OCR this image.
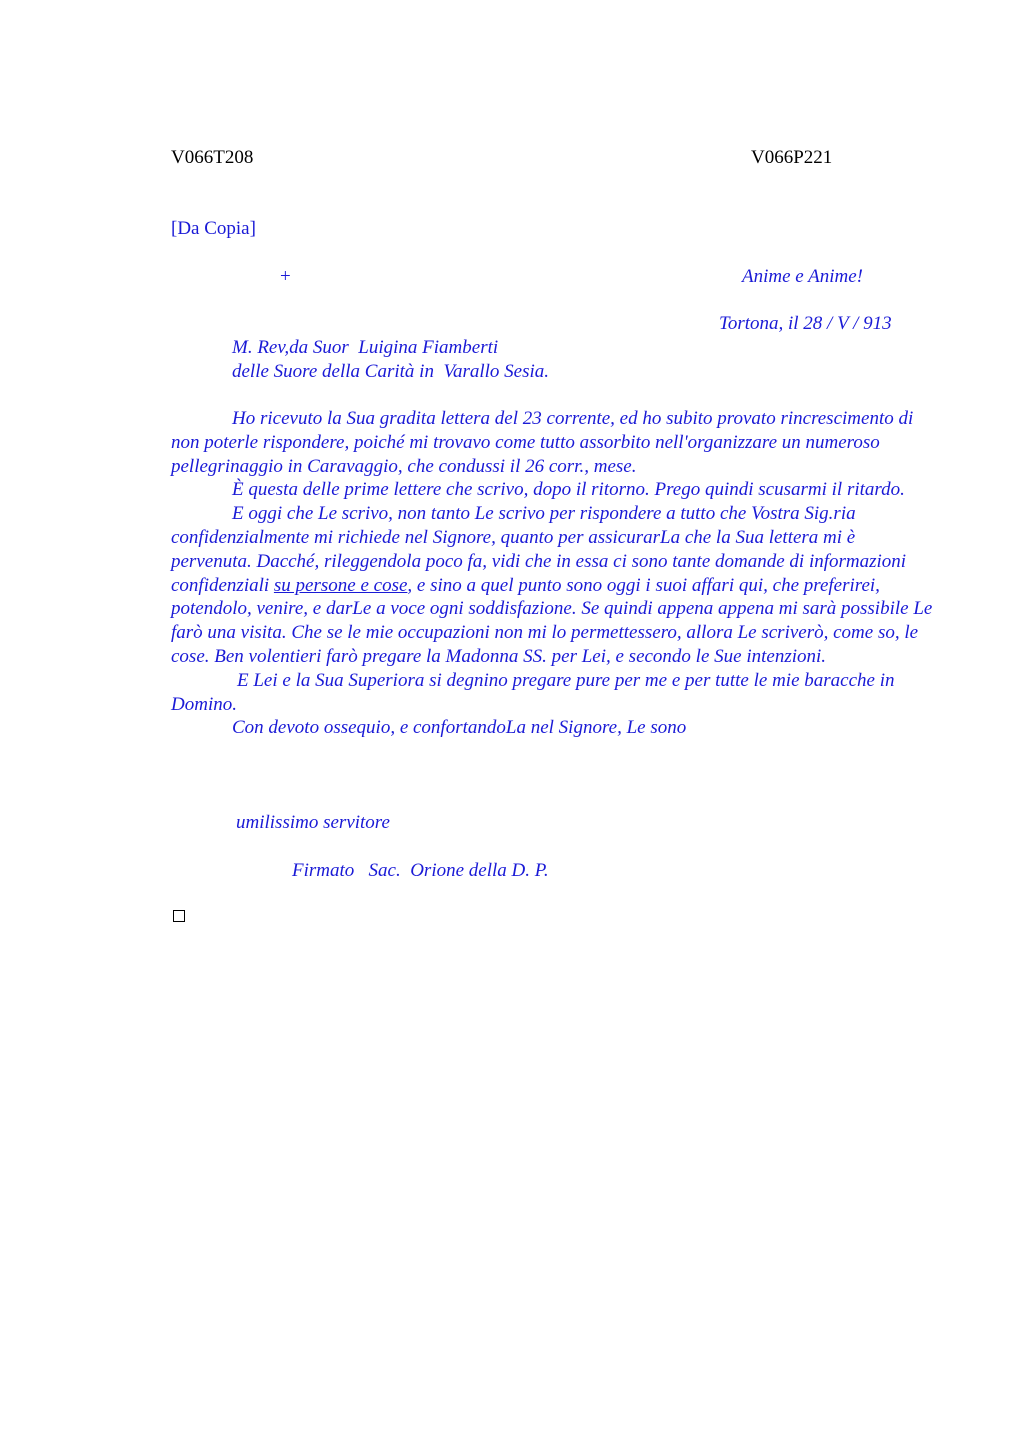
V066T208	V066P221
[Da Copia]
+	Anime e Anime!
Tortona, il 28 / V / 913
M. Rev,da Suor  Luigina Fiamberti
delle Suore della Carità in  Varallo Sesia.

Ho ricevuto la Sua gradita lettera del 23 corrente, ed ho subito provato rincrescimento di non poterle rispondere, poiché mi trovavo come tutto assorbito nell'organizzare un numeroso pellegrinaggio in Caravaggio, che condussi il 26 corr., mese.

È questa delle prime lettere che scrivo, dopo il ritorno. Prego quindi scusarmi il ritardo.

E oggi che Le scrivo, non tanto Le scrivo per rispondere a tutto che Vostra Sig.ria confidenzialmente mi richiede nel Signore, quanto per assicurarLa che la Sua lettera mi è pervenuta. Dacché, rileggendola poco fa, vidi che in essa ci sono tante domande di informazioni confidenziali su persone e cose, e sino a quel punto sono oggi i suoi affari qui, che preferirei, potendolo, venire, e darLe a voce ogni soddisfazione. Se quindi appena appena mi sarà possibile Le farò una visita. Che se le mie occupazioni non mi lo permettessero, allora Le scriverò, come so, le cose. Ben volentieri farò pregare la Madonna SS. per Lei, e secondo le Sue intenzioni.

E Lei e la Sua Superiora si degnino pregare pure per me e per tutte le mie baracche in Domino.

Con devoto ossequio, e confortandoLa nel Signore, Le sono

umilissimo servitore
Firmato   Sac.  Orione della D. P.
